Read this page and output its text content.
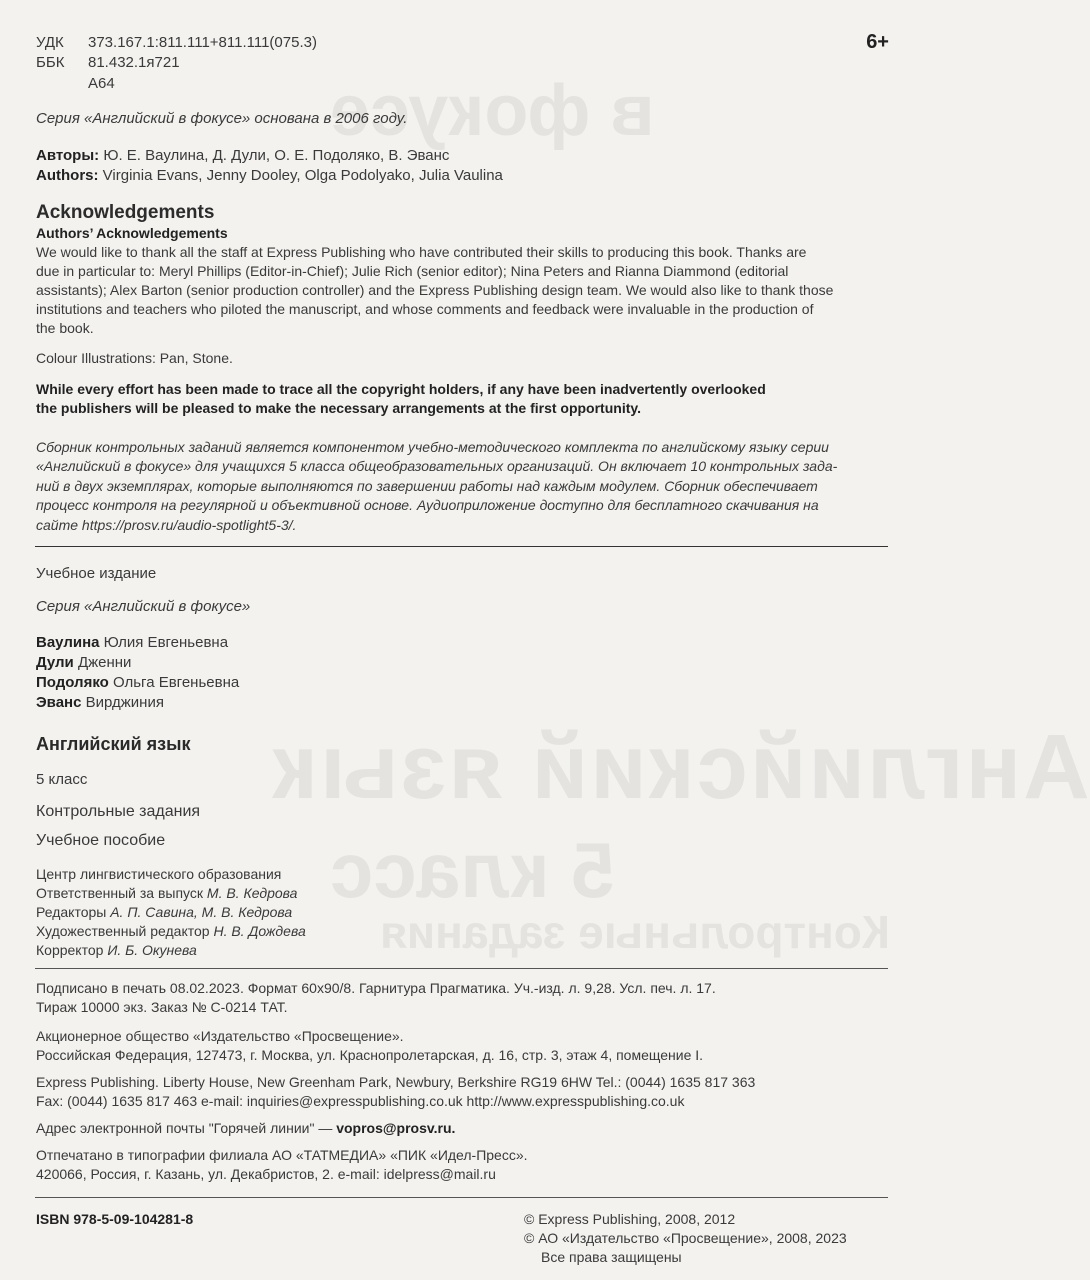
в фокусе
Английский язык
5 класс
Контрольные задания
УДК 373.167.1:811.111+811.111(075.3)
ББК 81.432.1я721
А64
6+
Серия «Английский в фокусе» основана в 2006 году.
Авторы: Ю. Е. Ваулина, Д. Дули, О. Е. Подоляко, В. Эванс
Authors: Virginia Evans, Jenny Dooley, Olga Podolyako, Julia Vaulina
Acknowledgements
Authors’ Acknowledgements
We would like to thank all the staff at Express Publishing who have contributed their skills to producing this book. Thanks are
due in particular to: Meryl Phillips (Editor-in-Chief); Julie Rich (senior editor); Nina Peters and Rianna Diammond (editorial
assistants); Alex Barton (senior production controller) and the Express Publishing design team. We would also like to thank those
institutions and teachers who piloted the manuscript, and whose comments and feedback were invaluable in the production of
the book.
Colour Illustrations: Pan, Stone.
While every effort has been made to trace all the copyright holders, if any have been inadvertently overlooked
the publishers will be pleased to make the necessary arrangements at the first opportunity.
Сборник контрольных заданий является компонентом учебно-методического комплекта по английскому языку серии
«Английский в фокусе» для учащихся 5 класса общеобразовательных организаций. Он включает 10 контрольных зада-
ний в двух экземплярах, которые выполняются по завершении работы над каждым модулем. Сборник обеспечивает
процесс контроля на регулярной и объективной основе. Аудиоприложение доступно для бесплатного скачивания на
сайте https://prosv.ru/audio-spotlight5-3/.
Учебное издание
Серия «Английский в фокусе»
Ваулина Юлия Евгеньевна
Дули Дженни
Подоляко Ольга Евгеньевна
Эванс Вирджиния
Английский язык
5 класс
Контрольные задания
Учебное пособие
Центр лингвистического образования
Ответственный за выпуск М. В. Кедрова
Редакторы А. П. Савина, М. В. Кедрова
Художественный редактор Н. В. Дождева
Корректор И. Б. Окунева
Подписано в печать 08.02.2023. Формат 60х90/8. Гарнитура Прагматика. Уч.-изд. л. 9,28. Усл. печ. л. 17.
Тираж 10000 экз. Заказ № С-0214 ТАТ.
Акционерное общество «Издательство «Просвещение».
Российская Федерация, 127473, г. Москва, ул. Краснопролетарская, д. 16, стр. 3, этаж 4, помещение I.
Express Publishing. Liberty House, New Greenham Park, Newbury, Berkshire RG19 6HW Tel.: (0044) 1635 817 363
Fax: (0044) 1635 817 463 e-mail: inquiries@expresspublishing.co.uk http://www.expresspublishing.co.uk
Адрес электронной почты "Горячей линии" — vopros@prosv.ru.
Отпечатано в типографии филиала АО «ТАТМЕДИА» «ПИК «Идел-Пресс».
420066, Россия, г. Казань, ул. Декабристов, 2. e-mail: idelpress@mail.ru
ISBN 978-5-09-104281-8	© Express Publishing, 2008, 2012
© АО «Издательство «Просвещение», 2008, 2023
Все права защищены
